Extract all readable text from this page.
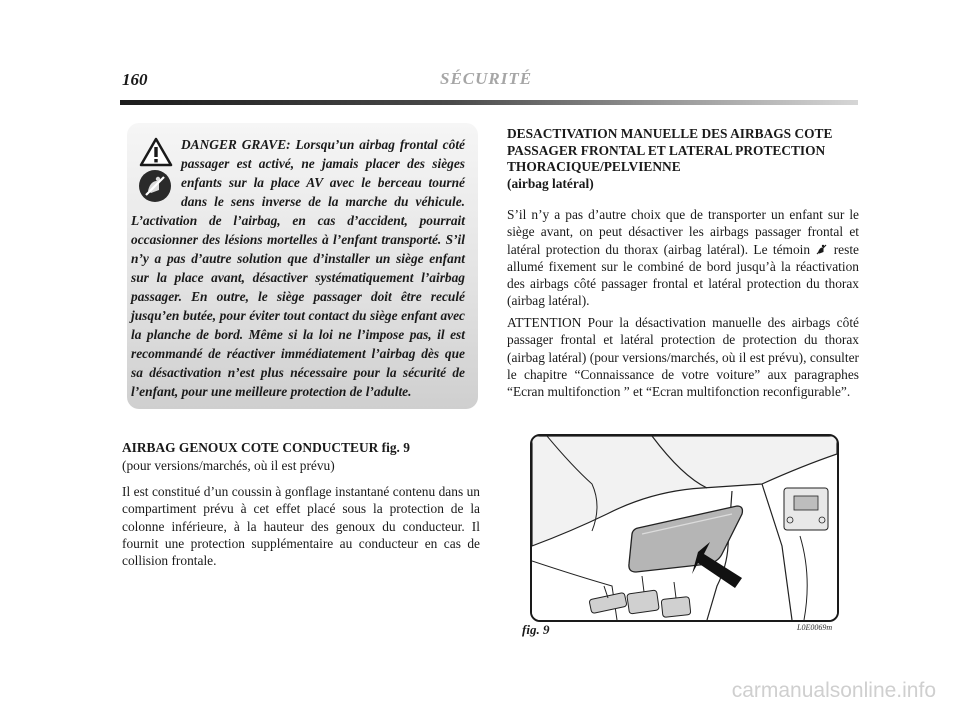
160	SÉCURITÉ

DANGER GRAVE: Lorsqu’un airbag frontal côté passager est activé, ne jamais placer des sièges enfants sur la place AV avec le berceau tourné dans le sens inverse de la marche du véhicule. L’activation de l’airbag, en cas d’accident, pourrait occasionner des lésions mortelles à l’enfant transporté. S’il n’y a pas d’autre solution que d’installer un siège enfant sur la place avant, désactiver systématiquement l’airbag passager. En outre, le siège passager doit être reculé jusqu’en butée, pour éviter tout contact du siège enfant avec la planche de bord. Même si la loi ne l’impose pas, il est recommandé de réactiver immédiatement l’airbag dès que sa désactivation n’est plus nécessaire pour la sécurité de l’enfant, pour une meilleure protection de l’adulte.

AIRBAG GENOUX COTE CONDUCTEUR fig. 9

(pour versions/marchés, où il est prévu)

Il est constitué d’un coussin à gonflage instantané contenu dans un compartiment prévu à cet effet placé sous la protection de la colonne inférieure, à la hauteur des genoux du conducteur. Il fournit une protection supplémentaire au conducteur en cas de collision frontale.

DESACTIVATION MANUELLE DES AIRBAGS COTE PASSAGER FRONTAL ET LATERAL PROTECTION THORACIQUE/PELVIENNE
(airbag latéral)

S’il n’y a pas d’autre choix que de transporter un enfant sur le siège avant, on peut désactiver les airbags passager frontal et latéral protection du thorax (airbag latéral). Le témoin reste allumé fixement sur le combiné de bord jusqu’à la réactivation des airbags côté passager frontal et latéral protection du thorax (airbag latéral).

ATTENTION Pour la désactivation manuelle des airbags côté passager frontal et latéral protection de protection du thorax (airbag latéral) (pour versions/marchés, où il est prévu), consulter le chapitre “Connaissance de votre voiture” aux paragraphes “Ecran multifonction ” et “Ecran multifonction reconfigurable”.

fig. 9	L0E0069m
carmanualsonline.info
